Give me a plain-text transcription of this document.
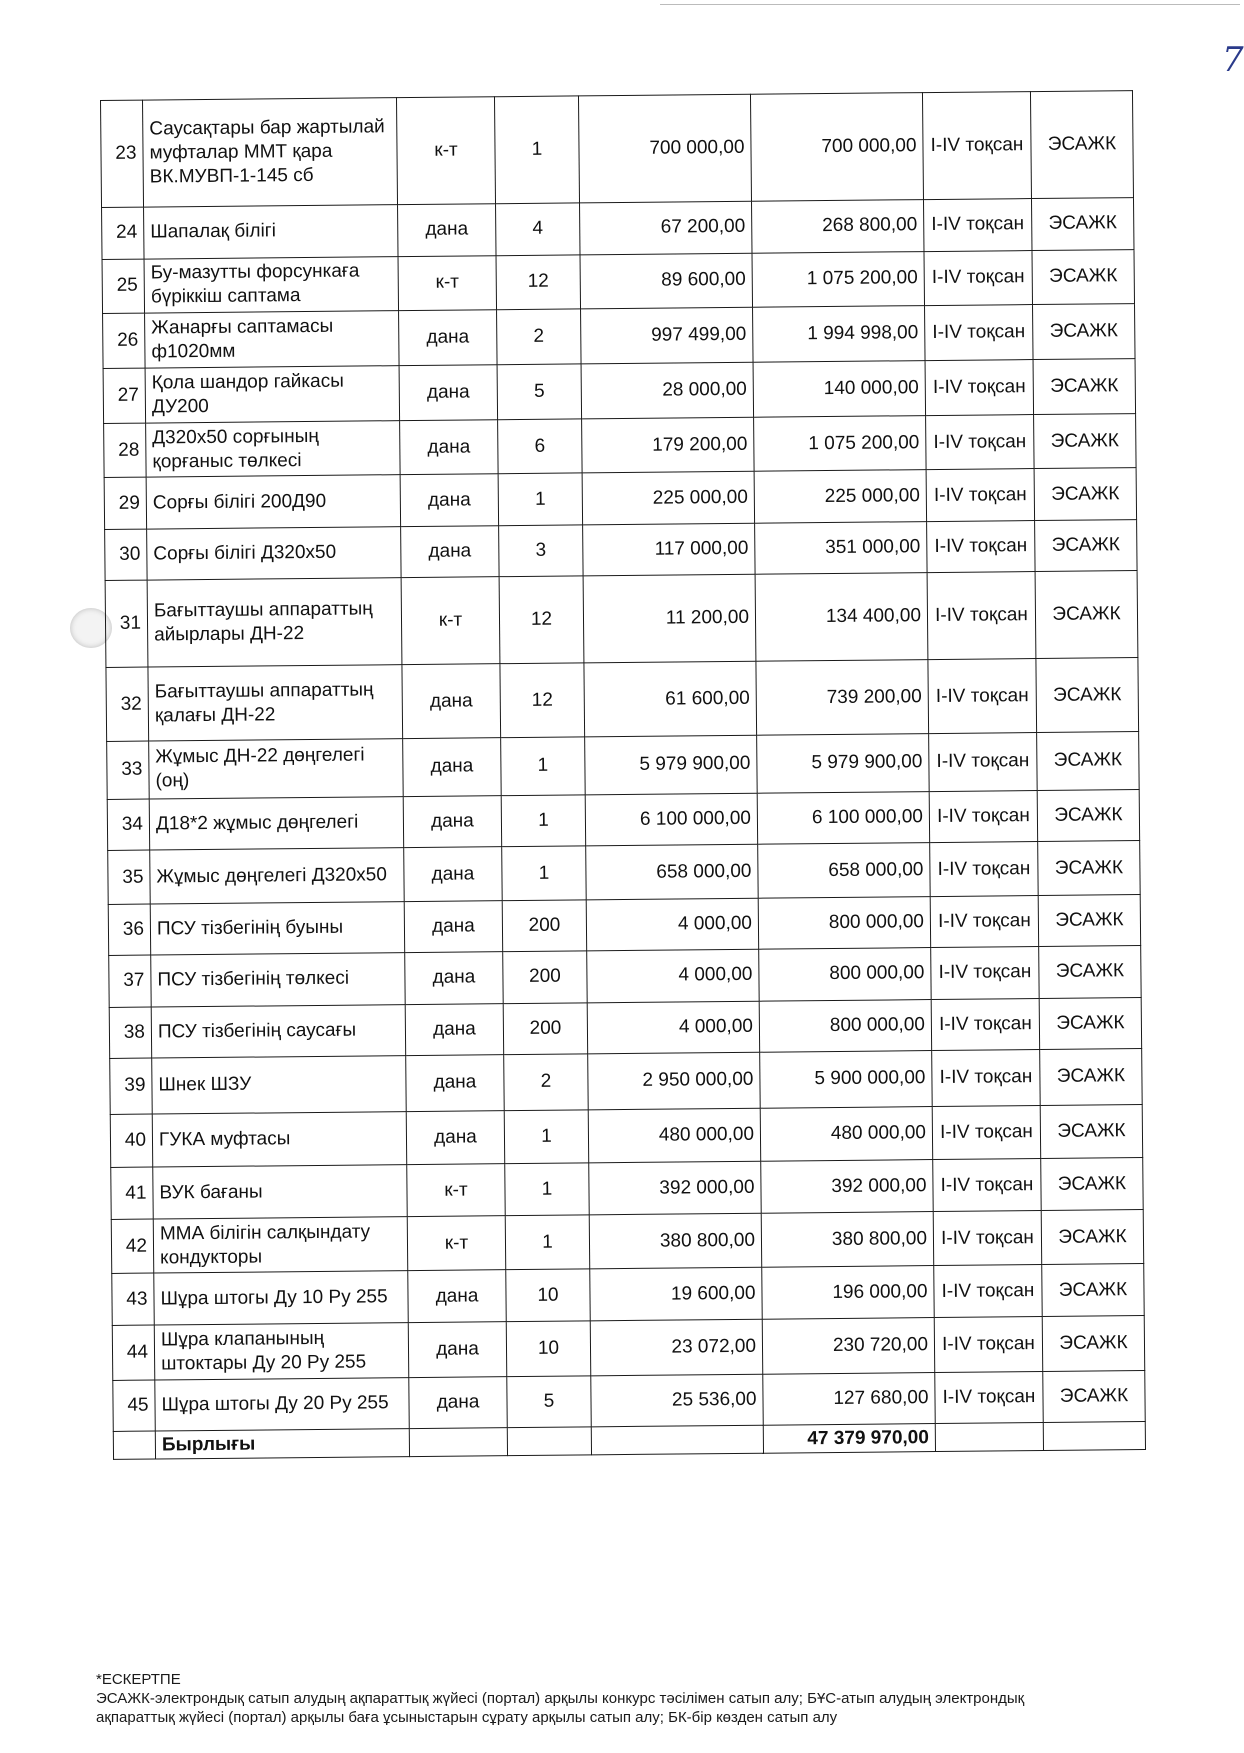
7
23	Саусақтары бар жартылай муфталар ММТ қара ВК.МУВП-1-145 сб	к-т	1	700 000,00	700 000,00	I-IV тоқсан	ЭСАЖК
24	Шапалақ білігі	дана	4	67 200,00	268 800,00	I-IV тоқсан	ЭСАЖК
25	Бу-мазутты форсункаға бүріккіш саптама	к-т	12	89 600,00	1 075 200,00	I-IV тоқсан	ЭСАЖК
26	Жанарғы саптамасы ф1020мм	дана	2	997 499,00	1 994 998,00	I-IV тоқсан	ЭСАЖК
27	Қола шандор гайкасы ДУ200	дана	5	28 000,00	140 000,00	I-IV тоқсан	ЭСАЖК
28	Д320х50 сорғының қорғаныс төлкесі	дана	6	179 200,00	1 075 200,00	I-IV тоқсан	ЭСАЖК
29	Сорғы білігі 200Д90	дана	1	225 000,00	225 000,00	I-IV тоқсан	ЭСАЖК
30	Сорғы білігі Д320х50	дана	3	117 000,00	351 000,00	I-IV тоқсан	ЭСАЖК
31	Бағыттаушы аппараттың айырлары ДН-22	к-т	12	11 200,00	134 400,00	I-IV тоқсан	ЭСАЖК
32	Бағыттаушы аппараттың қалағы ДН-22	дана	12	61 600,00	739 200,00	I-IV тоқсан	ЭСАЖК
33	Жұмыс ДН-22 дөңгелегі (оң)	дана	1	5 979 900,00	5 979 900,00	I-IV тоқсан	ЭСАЖК
34	Д18*2 жұмыс дөңгелегі	дана	1	6 100 000,00	6 100 000,00	I-IV тоқсан	ЭСАЖК
35	Жұмыс дөңгелегі Д320х50	дана	1	658 000,00	658 000,00	I-IV тоқсан	ЭСАЖК
36	ПСУ тізбегінің буыны	дана	200	4 000,00	800 000,00	I-IV тоқсан	ЭСАЖК
37	ПСУ тізбегінің төлкесі	дана	200	4 000,00	800 000,00	I-IV тоқсан	ЭСАЖК
38	ПСУ тізбегінің саусағы	дана	200	4 000,00	800 000,00	I-IV тоқсан	ЭСАЖК
39	Шнек ШЗУ	дана	2	2 950 000,00	5 900 000,00	I-IV тоқсан	ЭСАЖК
40	ГУКА муфтасы	дана	1	480 000,00	480 000,00	I-IV тоқсан	ЭСАЖК
41	ВУК бағаны	к-т	1	392 000,00	392 000,00	I-IV тоқсан	ЭСАЖК
42	ММА білігін салқындату кондукторы	к-т	1	380 800,00	380 800,00	I-IV тоқсан	ЭСАЖК
43	Шұра штогы Ду 10 Ру 255	дана	10	19 600,00	196 000,00	I-IV тоқсан	ЭСАЖК
44	Шұра клапанының штоктары Ду 20 Ру 255	дана	10	23 072,00	230 720,00	I-IV тоқсан	ЭСАЖК
45	Шұра штогы Ду 20 Ру 255	дана	5	25 536,00	127 680,00	I-IV тоқсан	ЭСАЖК
	Бырлығы				47 379 970,00		

*ЕСКЕРТПЕ

ЭСАЖК-электрондық сатып алудың ақпараттық жүйесі (портал) арқылы конкурс тәсілімен сатып алу; БҰС-атып алудың электрондық

ақпараттық жүйесі (портал) арқылы баға ұсыныстарын сұрату арқылы сатып алу; БК-бір көзден сатып алу
